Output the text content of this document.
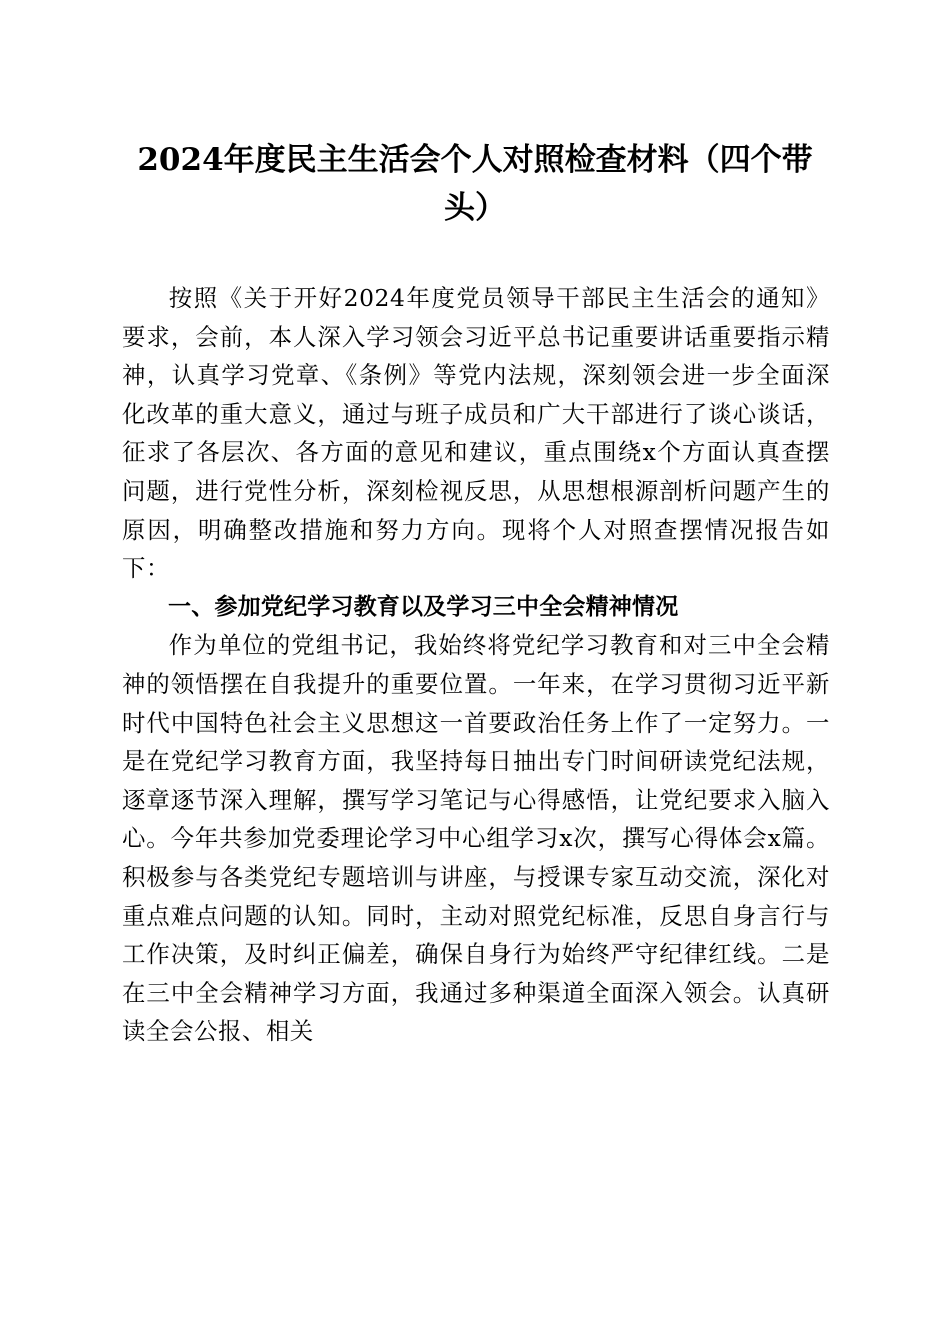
2024年度民主生活会个人对照检查材料（四个带头）

按照《关于开好2024年度党员领导干部民主生活会的通知》要求，会前，本人深入学习领会习近平总书记重要讲话重要指示精神，认真学习党章、《条例》等党内法规，深刻领会进一步全面深化改革的重大意义，通过与班子成员和广大干部进行了谈心谈话，征求了各层次、各方面的意见和建议，重点围绕x个方面认真查摆问题，进行党性分析，深刻检视反思，从思想根源剖析问题产生的原因，明确整改措施和努力方向。现将个人对照查摆情况报告如下：

一、参加党纪学习教育以及学习三中全会精神情况

作为单位的党组书记，我始终将党纪学习教育和对三中全会精神的领悟摆在自我提升的重要位置。一年来，在学习贯彻习近平新时代中国特色社会主义思想这一首要政治任务上作了一定努力。一是在党纪学习教育方面，我坚持每日抽出专门时间研读党纪法规，逐章逐节深入理解，撰写学习笔记与心得感悟，让党纪要求入脑入心。今年共参加党委理论学习中心组学习x次，撰写心得体会x篇。积极参与各类党纪专题培训与讲座，与授课专家互动交流，深化对重点难点问题的认知。同时，主动对照党纪标准，反思自身言行与工作决策，及时纠正偏差，确保自身行为始终严守纪律红线。二是在三中全会精神学习方面，我通过多种渠道全面深入领会。认真研读全会公报、相关
